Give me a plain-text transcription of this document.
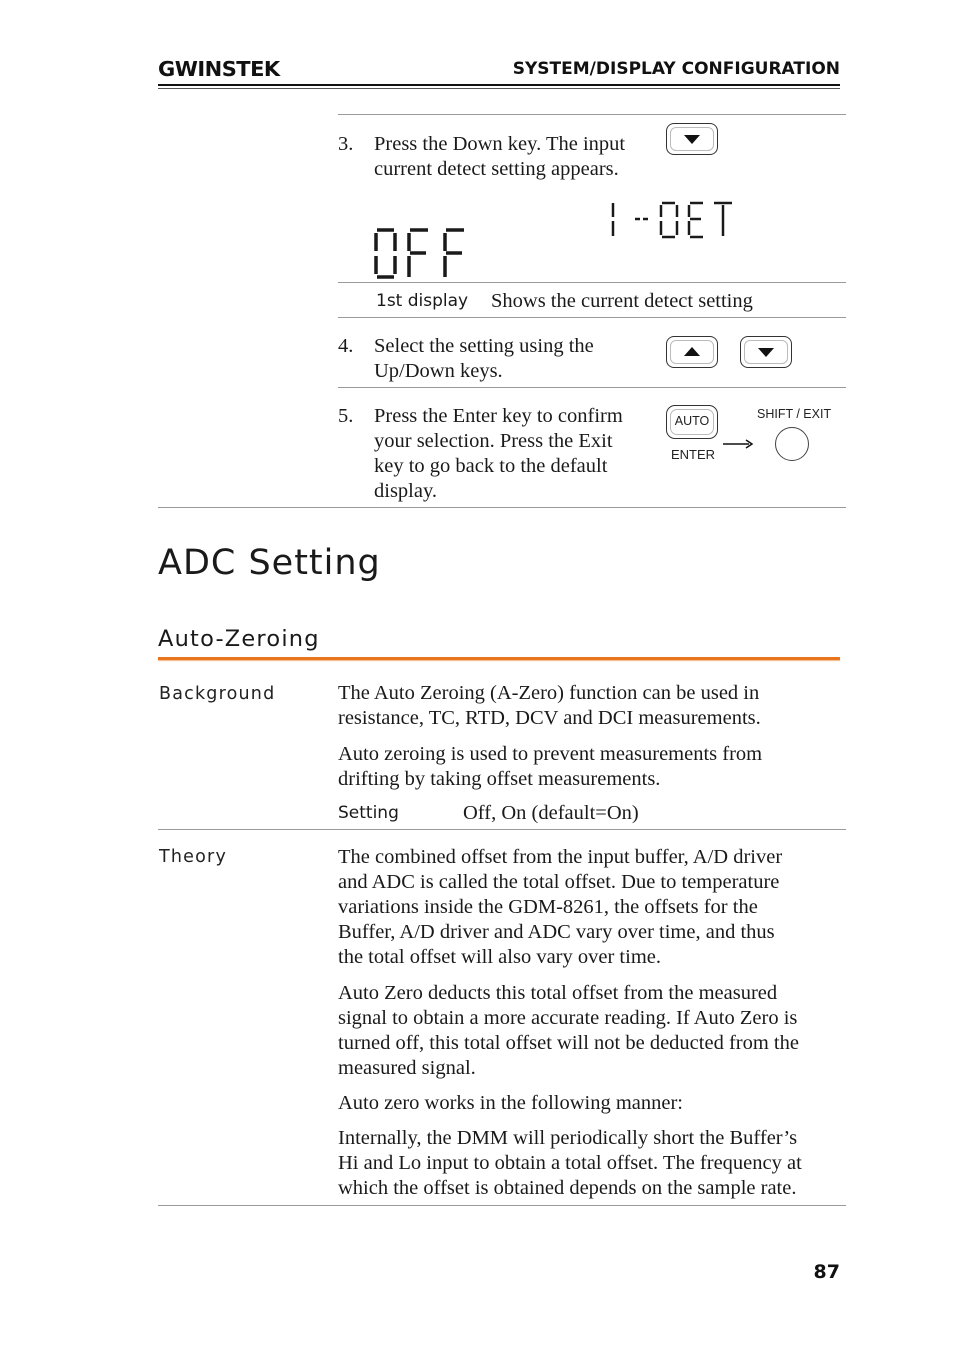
GWINSTEK	SYSTEM/DISPLAY CONFIGURATION
3. Press the Down key. The input
current detect setting appears.
1st display Shows the current detect setting
4. Select the setting using the
Up/Down keys.
5. Press the Enter key to confirm
your selection. Press the Exit
key to go back to the default
display.
AUTO
ENTER
SHIFT / EXIT
ADC Setting
Auto-Zeroing
Background	The Auto Zeroing (A-Zero) function can be used in
resistance, TC, RTD, DCV and DCI measurements.
Auto zeroing is used to prevent measurements from
drifting by taking offset measurements.
Setting	Off, On (default=On)
Theory	The combined offset from the input buffer, A/D driver
and ADC is called the total offset. Due to temperature
variations inside the GDM-8261, the offsets for the
Buffer, A/D driver and ADC vary over time, and thus
the total offset will also vary over time.
Auto Zero deducts this total offset from the measured
signal to obtain a more accurate reading. If Auto Zero is
turned off, this total offset will not be deducted from the
measured signal.
Auto zero works in the following manner:
Internally, the DMM will periodically short the Buffer’s
Hi and Lo input to obtain a total offset. The frequency at
which the offset is obtained depends on the sample rate.
87
